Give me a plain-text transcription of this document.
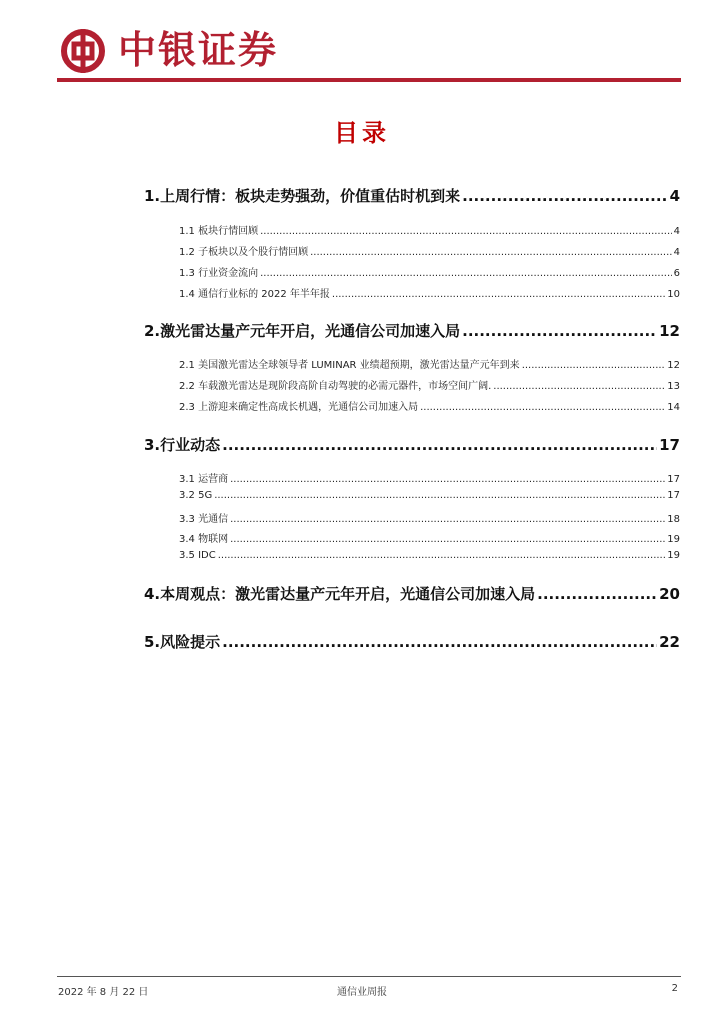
中银证券
目录
1.上周行情：板块走势强劲，价值重估时机到来 .....	4
1.1 板块行情回顾 .....	4
1.2 子板块以及个股行情回顾 .....	4
1.3 行业资金流向 .....	6
1.4 通信行业标的 2022 年半年报 .....	10
2.激光雷达量产元年开启，光通信公司加速入局 .....	12
2.1 美国激光雷达全球领导者 LUMINAR 业绩超预期，激光雷达量产元年到来 .....	12
2.2 车载激光雷达是现阶段高阶自动驾驶的必需元器件，市场空间广阔. .....	13
2.3 上游迎来确定性高成长机遇，光通信公司加速入局 .....	14
3.行业动态 .....	17
3.1 运营商 .....	17
3.2 5G .....	17
3.3 光通信 .....	18
3.4 物联网 .....	19
3.5 IDC .....	19
4.本周观点：激光雷达量产元年开启，光通信公司加速入局 .....	20
5.风险提示 .....	22
2022 年 8 月 22 日	通信业周报	2
